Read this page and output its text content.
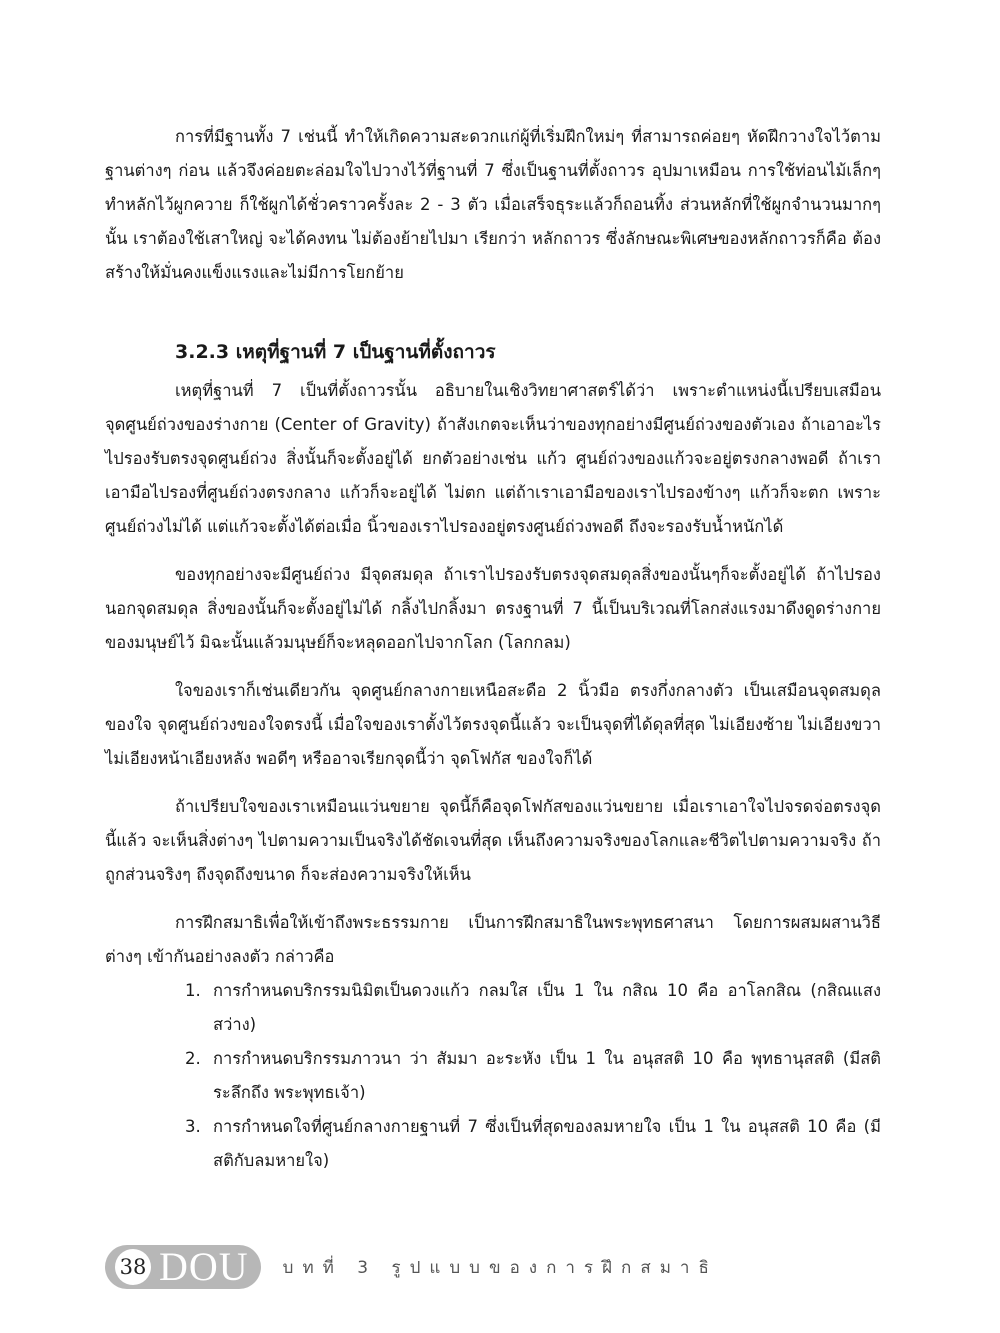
การที่มีฐานทั้ง 7 เช่นนี้ ทำให้เกิดความสะดวกแก่ผู้ที่เริ่มฝึกใหม่ๆ ที่สามารถค่อยๆ หัดฝึกวางใจไว้ตามฐานต่างๆ ก่อน แล้วจึงค่อยตะล่อมใจไปวางไว้ที่ฐานที่ 7 ซึ่งเป็นฐานที่ตั้งถาวร อุปมาเหมือน การใช้ท่อนไม้เล็กๆ ทำหลักไว้ผูกควาย ก็ใช้ผูกได้ชั่วคราวครั้งละ 2 - 3 ตัว เมื่อเสร็จธุระแล้วก็ถอนทิ้ง ส่วนหลักที่ใช้ผูกจำนวนมากๆ นั้น เราต้องใช้เสาใหญ่ จะได้คงทน ไม่ต้องย้ายไปมา เรียกว่า หลักถาวร ซึ่งลักษณะพิเศษของหลักถาวรก็คือ ต้องสร้างให้มั่นคงแข็งแรงและไม่มีการโยกย้าย

3.2.3 เหตุที่ฐานที่ 7 เป็นฐานที่ตั้งถาวร

เหตุที่ฐานที่ 7 เป็นที่ตั้งถาวรนั้น อธิบายในเชิงวิทยาศาสตร์ได้ว่า เพราะตำแหน่งนี้เปรียบเสมือนจุดศูนย์ถ่วงของร่างกาย (Center of Gravity) ถ้าสังเกตจะเห็นว่าของทุกอย่างมีศูนย์ถ่วงของตัวเอง ถ้าเอาอะไรไปรองรับตรงจุดศูนย์ถ่วง สิ่งนั้นก็จะตั้งอยู่ได้ ยกตัวอย่างเช่น แก้ว ศูนย์ถ่วงของแก้วจะอยู่ตรงกลางพอดี ถ้าเราเอามือไปรองที่ศูนย์ถ่วงตรงกลาง แก้วก็จะอยู่ได้ ไม่ตก แต่ถ้าเราเอามือของเราไปรองข้างๆ แก้วก็จะตก เพราะศูนย์ถ่วงไม่ได้ แต่แก้วจะตั้งได้ต่อเมื่อ นิ้วของเราไปรองอยู่ตรงศูนย์ถ่วงพอดี ถึงจะรองรับน้ำหนักได้

ของทุกอย่างจะมีศูนย์ถ่วง มีจุดสมดุล ถ้าเราไปรองรับตรงจุดสมดุลสิ่งของนั้นๆก็จะตั้งอยู่ได้ ถ้าไปรองนอกจุดสมดุล สิ่งของนั้นก็จะตั้งอยู่ไม่ได้ กลิ้งไปกลิ้งมา ตรงฐานที่ 7 นี้เป็นบริเวณที่โลกส่งแรงมาดึงดูดร่างกายของมนุษย์ไว้ มิฉะนั้นแล้วมนุษย์ก็จะหลุดออกไปจากโลก (โลกกลม)

ใจของเราก็เช่นเดียวกัน จุดศูนย์กลางกายเหนือสะดือ 2 นิ้วมือ ตรงกึ่งกลางตัว เป็นเสมือนจุดสมดุลของใจ จุดศูนย์ถ่วงของใจตรงนี้ เมื่อใจของเราตั้งไว้ตรงจุดนี้แล้ว จะเป็นจุดที่ได้ดุลที่สุด ไม่เอียงซ้าย ไม่เอียงขวา ไม่เอียงหน้าเอียงหลัง พอดีๆ หรืออาจเรียกจุดนี้ว่า จุดโฟกัส ของใจก็ได้

ถ้าเปรียบใจของเราเหมือนแว่นขยาย จุดนี้ก็คือจุดโฟกัสของแว่นขยาย เมื่อเราเอาใจไปจรดจ่อตรงจุดนี้แล้ว จะเห็นสิ่งต่างๆ ไปตามความเป็นจริงได้ชัดเจนที่สุด เห็นถึงความจริงของโลกและชีวิตไปตามความจริง ถ้าถูกส่วนจริงๆ ถึงจุดถึงขนาด ก็จะส่องความจริงให้เห็น

การฝึกสมาธิเพื่อให้เข้าถึงพระธรรมกาย เป็นการฝึกสมาธิในพระพุทธศาสนา โดยการผสมผสานวิธีต่างๆ เข้ากันอย่างลงตัว กล่าวคือ

1. การกำหนดบริกรรมนิมิตเป็นดวงแก้ว กลมใส เป็น 1 ใน กสิณ 10 คือ อาโลกสิณ (กสิณแสงสว่าง)
2. การกำหนดบริกรรมภาวนา ว่า สัมมา อะระหัง เป็น 1 ใน อนุสสติ 10 คือ พุทธานุสสติ (มีสติระลึกถึง พระพุทธเจ้า)
3. การกำหนดใจที่ศูนย์กลางกายฐานที่ 7 ซึ่งเป็นที่สุดของลมหายใจ เป็น 1 ใน อนุสสติ 10 คือ (มีสติกับลมหายใจ)
38 DOU บทที่ 3 รูปแบบของการฝึกสมาธิ
